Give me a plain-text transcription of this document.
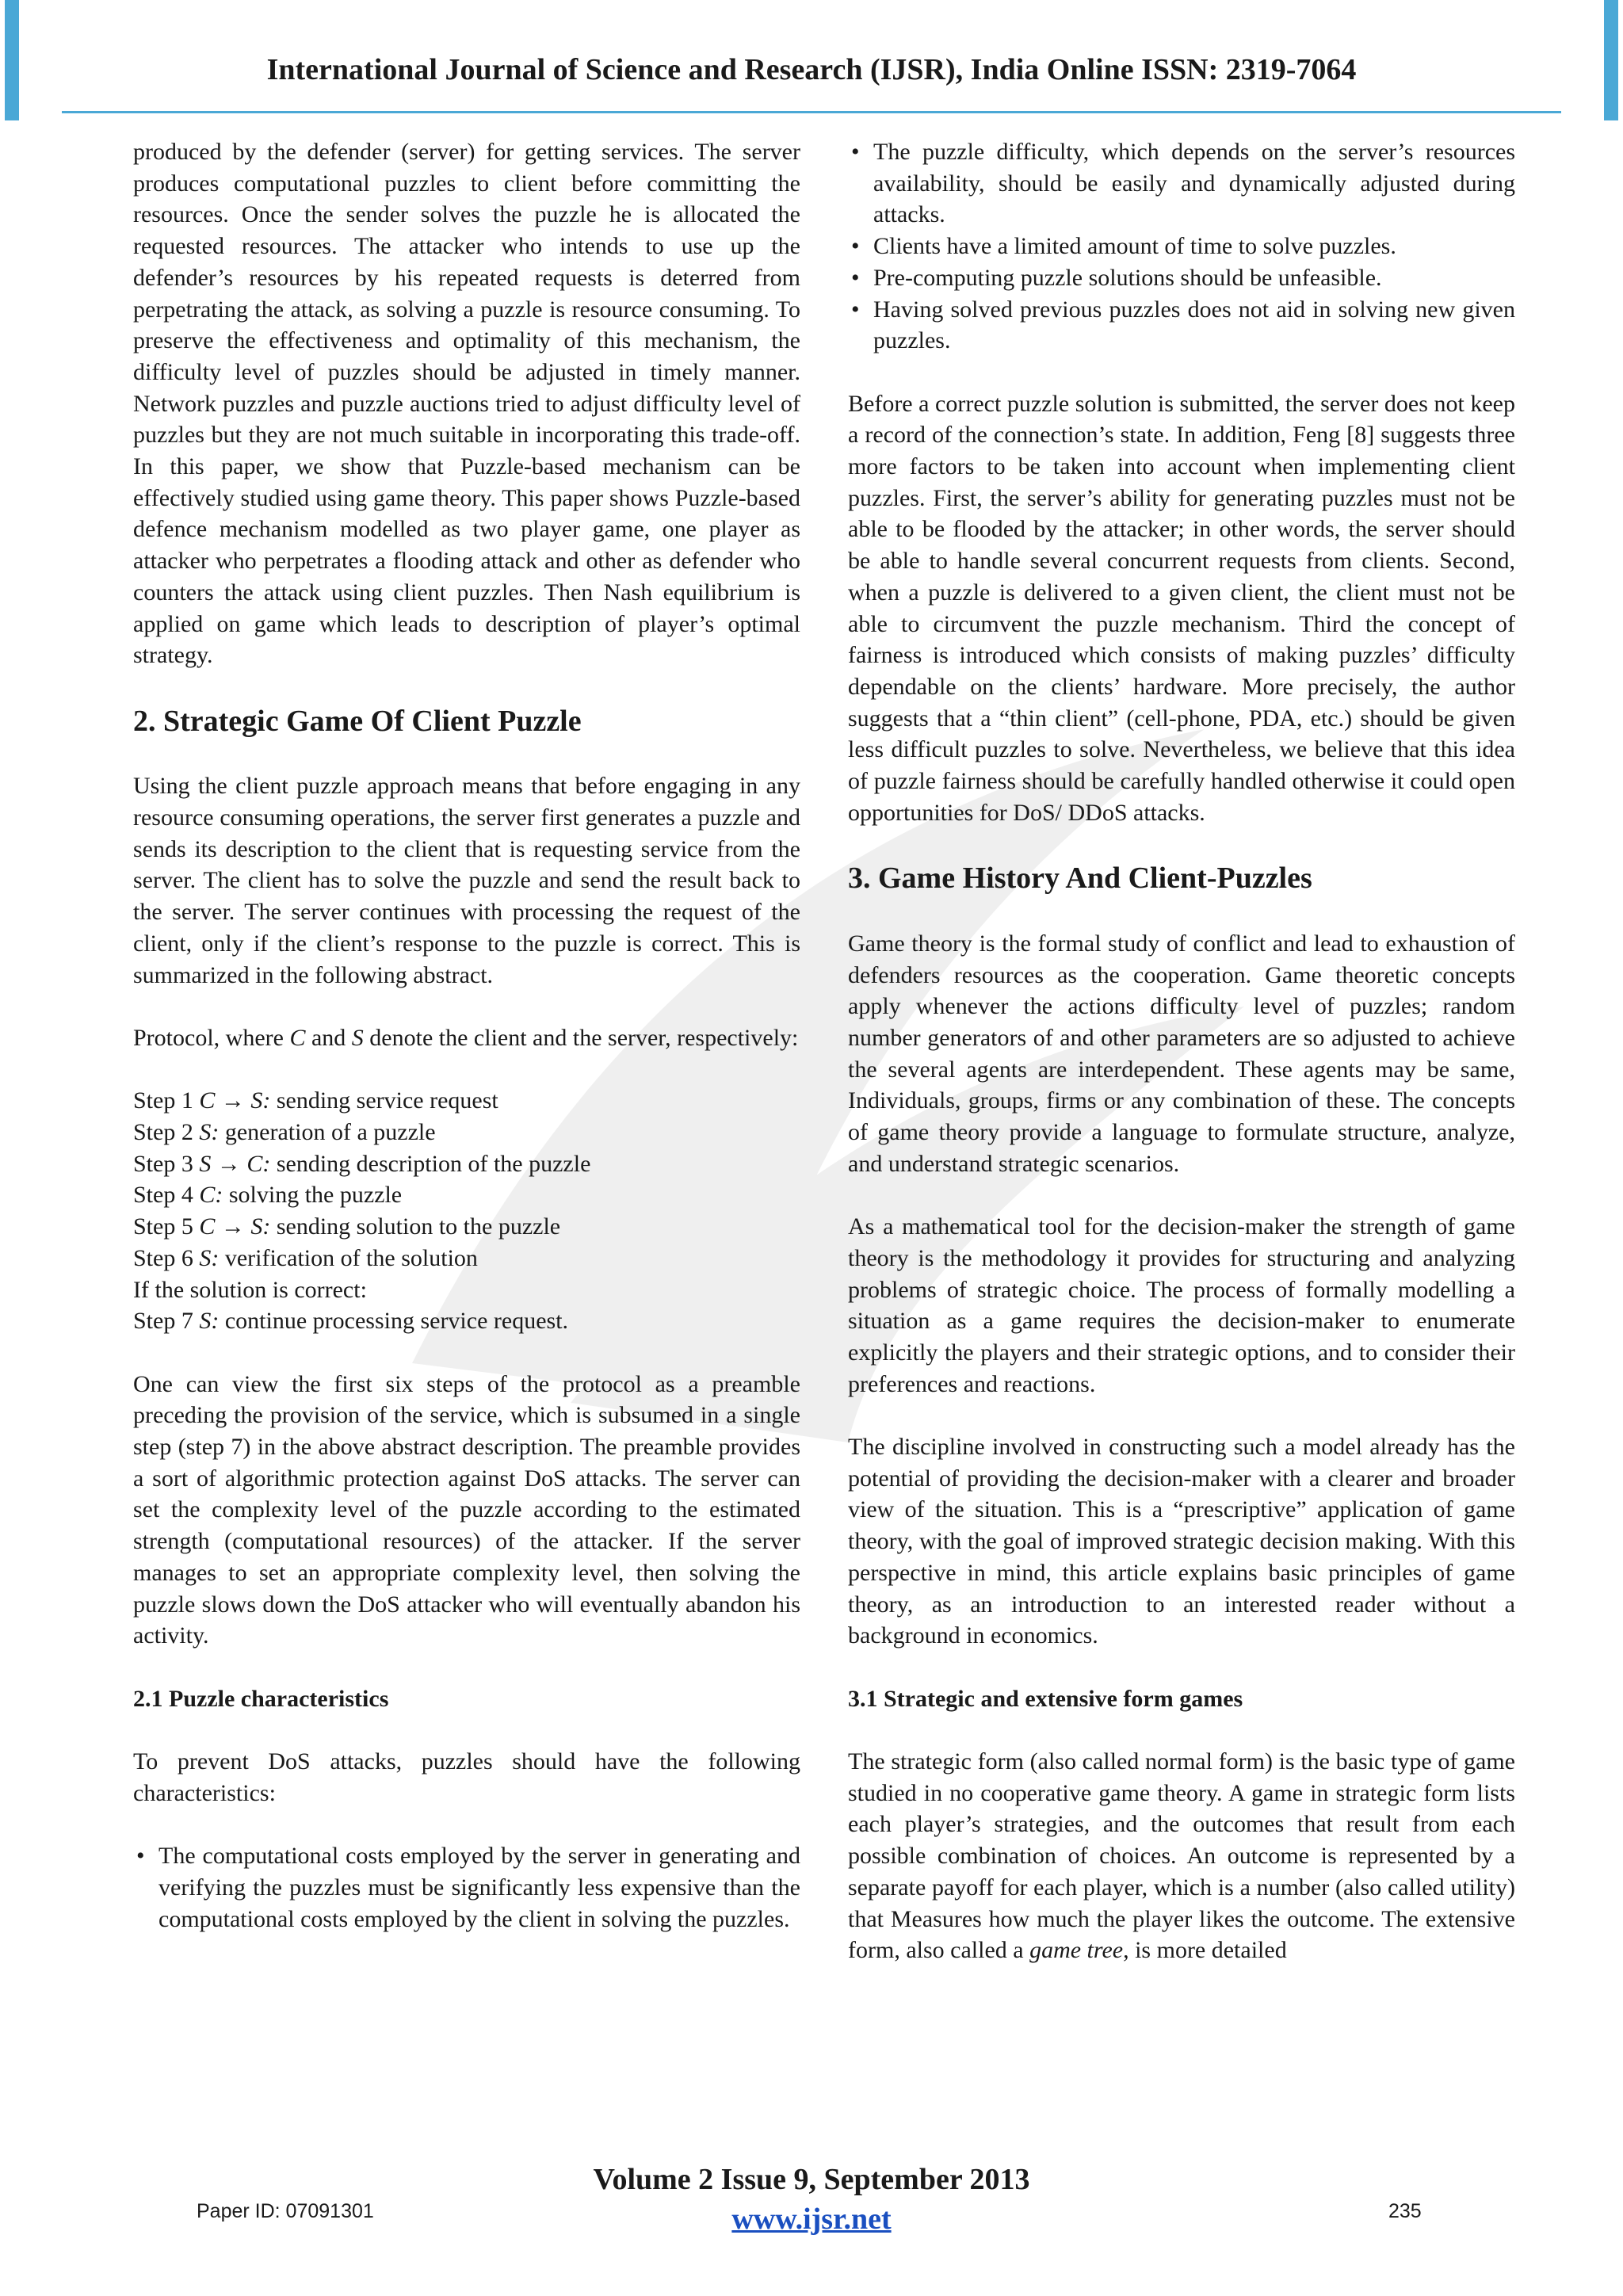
International Journal of Science and Research (IJSR), India Online ISSN: 2319-7064

produced by the defender (server) for getting services. The server produces computational puzzles to client before committing the resources. Once the sender solves the puzzle he is allocated the requested resources. The attacker who intends to use up the defender’s resources by his repeated requests is deterred from perpetrating the attack, as solving a puzzle is resource consuming. To preserve the effectiveness and optimality of this mechanism, the difficulty level of puzzles should be adjusted in timely manner. Network puzzles and puzzle auctions tried to adjust difficulty level of puzzles but they are not much suitable in incorporating this trade-off. In this paper, we show that Puzzle-based mechanism can be effectively studied using game theory. This paper shows Puzzle-based defence mechanism modelled as two player game, one player as attacker who perpetrates a flooding attack and other as defender who counters the attack using client puzzles. Then Nash equilibrium is applied on game which leads to description of player’s optimal strategy.

2. Strategic Game Of Client Puzzle

Using the client puzzle approach means that before engaging in any resource consuming operations, the server first generates a puzzle and sends its description to the client that is requesting service from the server. The client has to solve the puzzle and send the result back to the server. The server continues with processing the request of the client, only if the client’s response to the puzzle is correct. This is summarized in the following abstract.

Protocol, where C and S denote the client and the server, respectively:

Step 1 C → S: sending service request
Step 2 S: generation of a puzzle
Step 3 S → C: sending description of the puzzle
Step 4 C: solving the puzzle
Step 5 C → S: sending solution to the puzzle
Step 6 S: verification of the solution
If the solution is correct:
Step 7 S: continue processing service request.

One can view the first six steps of the protocol as a preamble preceding the provision of the service, which is subsumed in a single step (step 7) in the above abstract description. The preamble provides a sort of algorithmic protection against DoS attacks. The server can set the complexity level of the puzzle according to the estimated strength (computational resources) of the attacker. If the server manages to set an appropriate complexity level, then solving the puzzle slows down the DoS attacker who will eventually abandon his activity.

2.1 Puzzle characteristics

To prevent DoS attacks, puzzles should have the following characteristics:

• The computational costs employed by the server in generating and verifying the puzzles must be significantly less expensive than the computational costs employed by the client in solving the puzzles.
• The puzzle difficulty, which depends on the server’s resources availability, should be easily and dynamically adjusted during attacks.
• Clients have a limited amount of time to solve puzzles.
• Pre-computing puzzle solutions should be unfeasible.
• Having solved previous puzzles does not aid in solving new given puzzles.

Before a correct puzzle solution is submitted, the server does not keep a record of the connection’s state. In addition, Feng [8] suggests three more factors to be taken into account when implementing client puzzles. First, the server’s ability for generating puzzles must not be able to be flooded by the attacker; in other words, the server should be able to handle several concurrent requests from clients. Second, when a puzzle is delivered to a given client, the client must not be able to circumvent the puzzle mechanism. Third the concept of fairness is introduced which consists of making puzzles’ difficulty dependable on the clients’ hardware. More precisely, the author suggests that a “thin client” (cell-phone, PDA, etc.) should be given less difficult puzzles to solve. Nevertheless, we believe that this idea of puzzle fairness should be carefully handled otherwise it could open opportunities for DoS/ DDoS attacks.

3. Game History And Client-Puzzles

Game theory is the formal study of conflict and lead to exhaustion of defenders resources as the cooperation. Game theoretic concepts apply whenever the actions difficulty level of puzzles; random number generators of and other parameters are so adjusted to achieve the several agents are interdependent. These agents may be same, Individuals, groups, firms or any combination of these. The concepts of game theory provide a language to formulate structure, analyze, and understand strategic scenarios.

As a mathematical tool for the decision-maker the strength of game theory is the methodology it provides for structuring and analyzing problems of strategic choice. The process of formally modelling a situation as a game requires the decision-maker to enumerate explicitly the players and their strategic options, and to consider their preferences and reactions.

The discipline involved in constructing such a model already has the potential of providing the decision-maker with a clearer and broader view of the situation. This is a “prescriptive” application of game theory, with the goal of improved strategic decision making. With this perspective in mind, this article explains basic principles of game theory, as an introduction to an interested reader without a background in economics.

3.1 Strategic and extensive form games

The strategic form (also called normal form) is the basic type of game studied in no cooperative game theory. A game in strategic form lists each player’s strategies, and the outcomes that result from each possible combination of choices. An outcome is represented by a separate payoff for each player, which is a number (also called utility) that Measures how much the player likes the outcome. The extensive form, also called a game tree, is more detailed

Volume 2 Issue 9, September 2013
www.ijsr.net
Paper ID: 07091301	235
